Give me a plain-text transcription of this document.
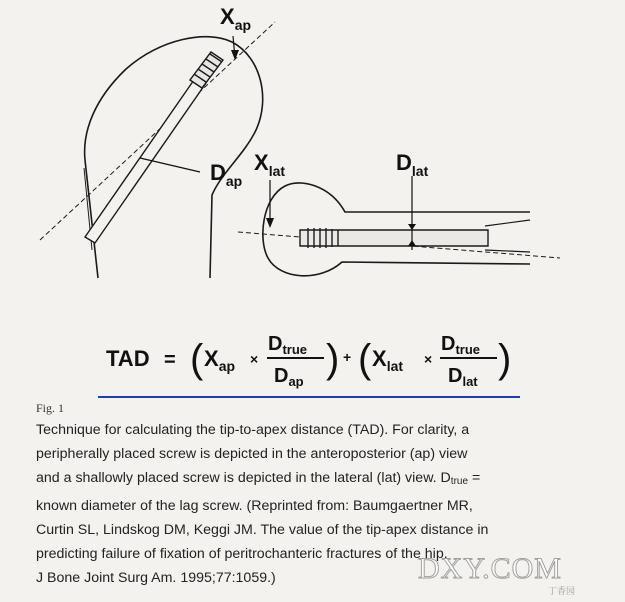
$X_{ap}$
$D_{ap}$
$X_{lat}$	$D_{lat}$
TAD = ( $X_{ap}$ ×
$D_{true}$
$D_{ap}$
) + ( $X_{lat}$ ×
$D_{true}$
$D_{lat}$
)
Fig. 1
Technique for calculating the tip-to-apex distance (TAD). For clarity, a
peripherally placed screw is depicted in the anteroposterior (ap) view
and a shallowly placed screw is depicted in the lateral (lat) view. $D_{true}$ =
known diameter of the lag screw. (Reprinted from: Baumgaertner MR,
Curtin SL, Lindskog DM, Keggi JM. The value of the tip-apex distance in
predicting failure of fixation of peritrochanteric fractures of the hip.
J Bone Joint Surg Am. 1995;77:1059.)	DXY.COM
丁香园
